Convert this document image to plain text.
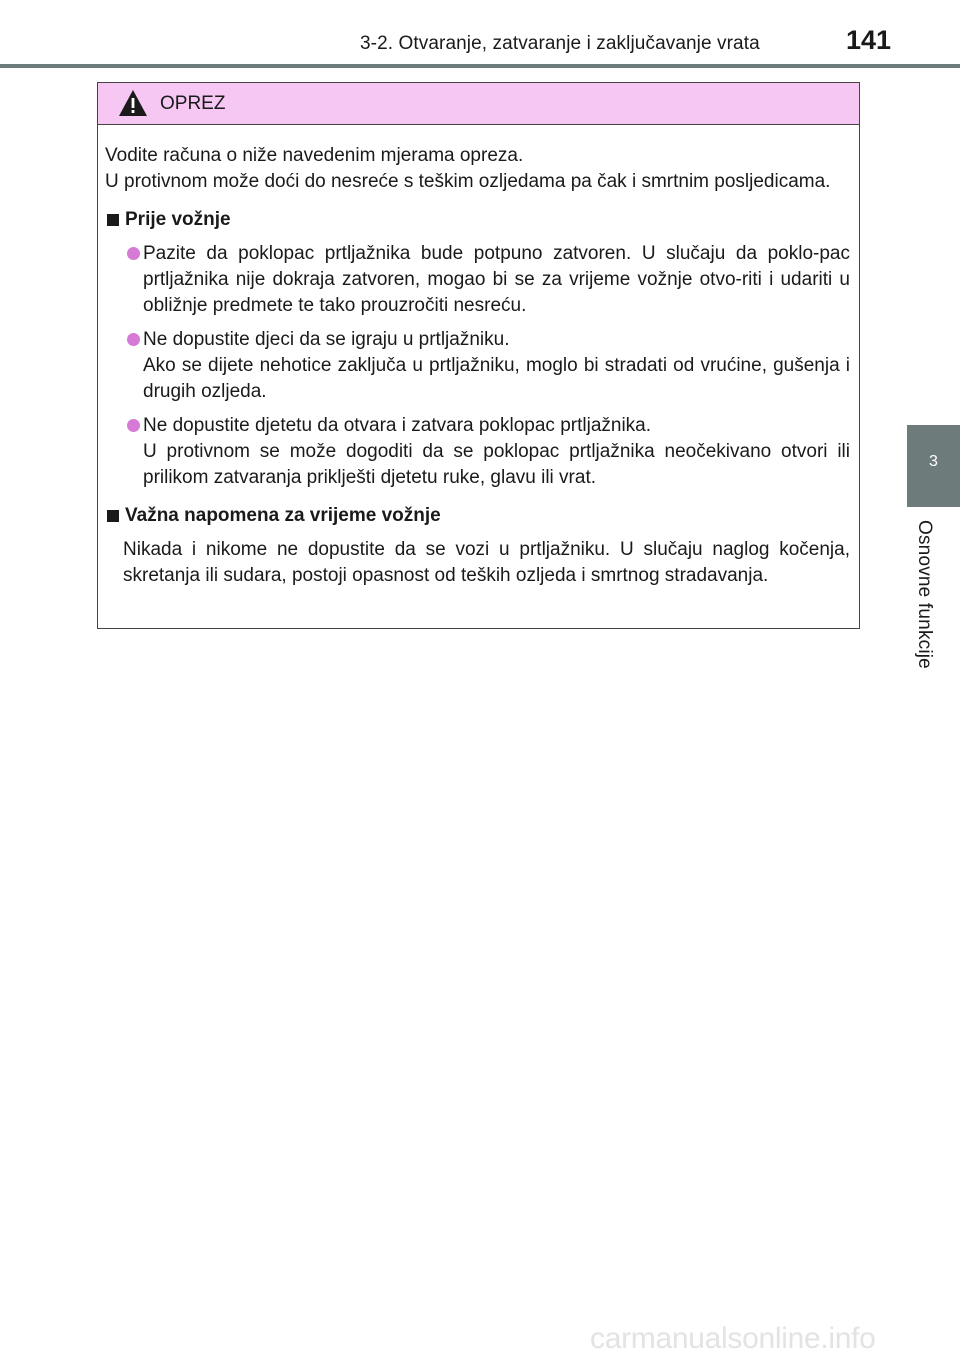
3-2. Otvaranje, zatvaranje i zaključavanje vrata	141
3
Osnovne funkcije
OPREZ

Vodite računa o niže navedenim mjerama opreza.
U protivnom može doći do nesreće s teškim ozljedama pa čak i smrtnim posljedicama.

Prije vožnje

Pazite da poklopac prtljažnika bude potpuno zatvoren. U slučaju da poklo-pac prtljažnika nije dokraja zatvoren, mogao bi se za vrijeme vožnje otvo-riti i udariti u obližnje predmete te tako prouzročiti nesreću.

Ne dopustite djeci da se igraju u prtljažniku.
Ako se dijete nehotice zaključa u prtljažniku, moglo bi stradati od vrućine, gušenja i drugih ozljeda.

Ne dopustite djetetu da otvara i zatvara poklopac prtljažnika.
U protivnom se može dogoditi da se poklopac prtljažnika neočekivano otvori ili prilikom zatvaranja priklješti djetetu ruke, glavu ili vrat.

Važna napomena za vrijeme vožnje

Nikada i nikome ne dopustite da se vozi u prtljažniku. U slučaju naglog kočenja, skretanja ili sudara, postoji opasnost od teških ozljeda i smrtnog stradavanja.

carmanualsonline.info
